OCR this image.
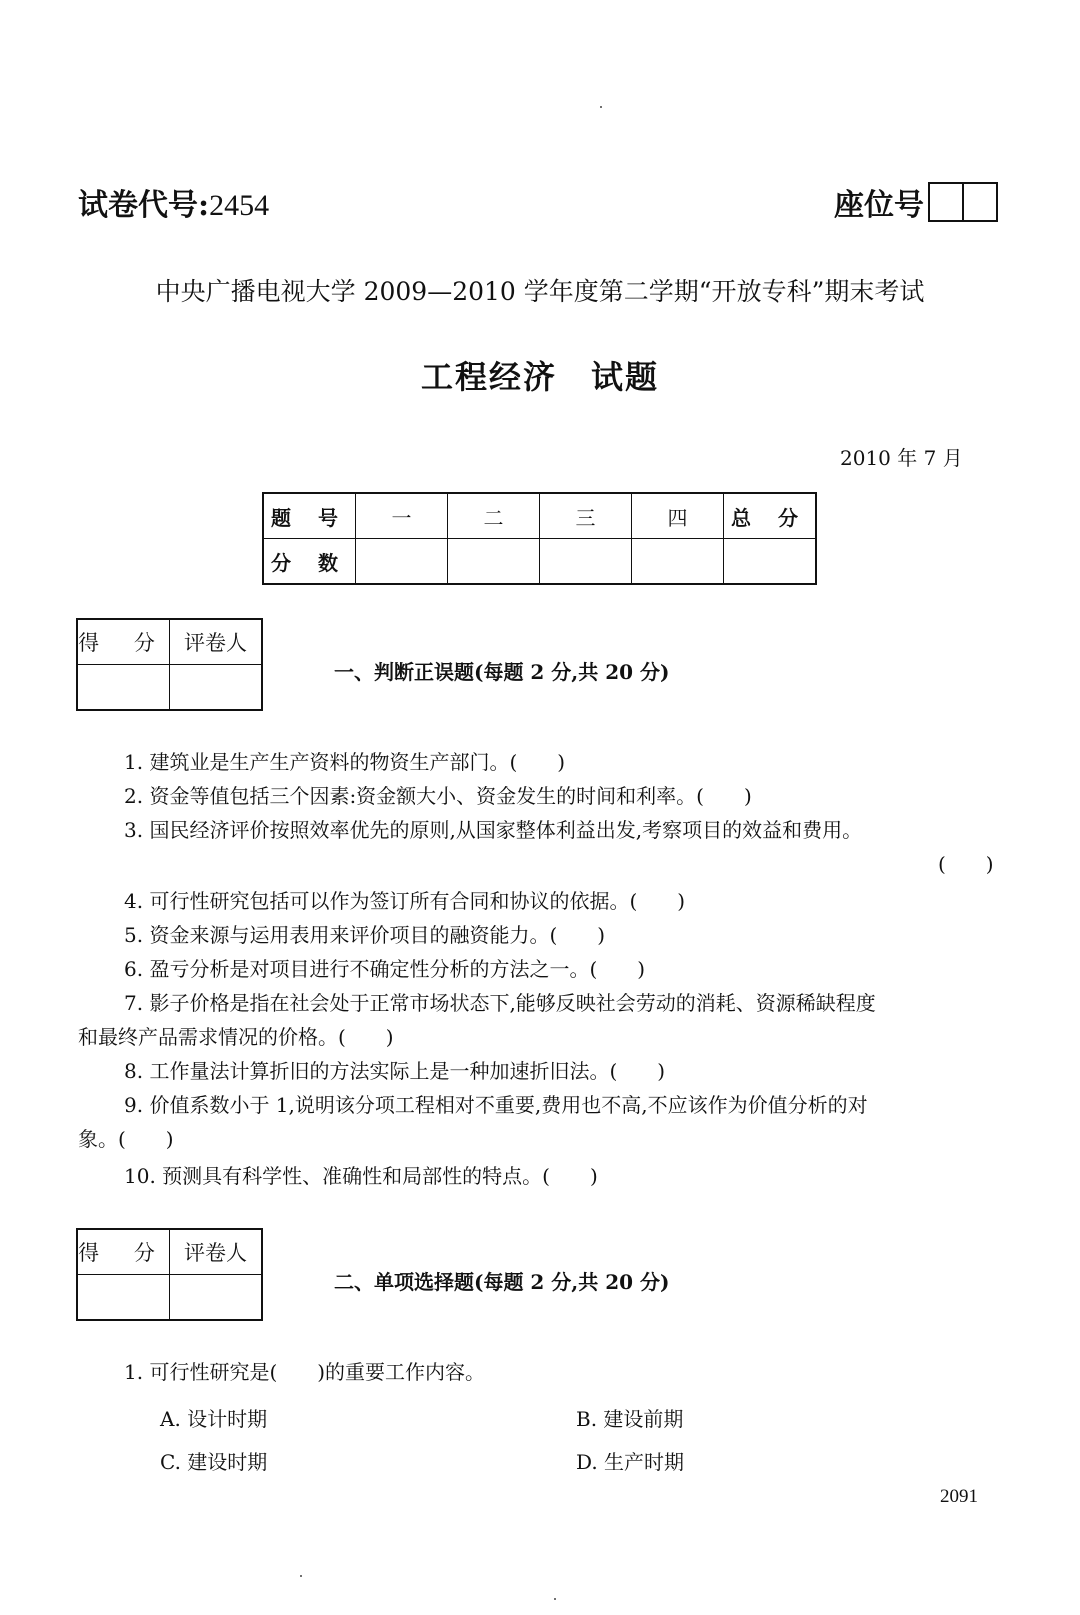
试卷代号:2454	座位号
中央广播电视大学 2009—2010 学年度第二学期“开放专科”期末考试
工程经济　试题
2010 年 7 月
题 号	一	二	三	四	总 分
分 数					
得 分	评卷人

一、判断正误题(每题 2 分,共 20 分)
1. 建筑业是生产生产资料的物资生产部门。(　　)
2. 资金等值包括三个因素:资金额大小、资金发生的时间和利率。(　　)
3. 国民经济评价按照效率优先的原则,从国家整体利益出发,考察项目的效益和费用。
(　　)
4. 可行性研究包括可以作为签订所有合同和协议的依据。(　　)
5. 资金来源与运用表用来评价项目的融资能力。(　　)
6. 盈亏分析是对项目进行不确定性分析的方法之一。(　　)
7. 影子价格是指在社会处于正常市场状态下,能够反映社会劳动的消耗、资源稀缺程度
和最终产品需求情况的价格。(　　)
8. 工作量法计算折旧的方法实际上是一种加速折旧法。(　　)
9. 价值系数小于 1,说明该分项工程相对不重要,费用也不高,不应该作为价值分析的对
象。(　　)
10. 预测具有科学性、准确性和局部性的特点。(　　)
得 分	评卷人

二、单项选择题(每题 2 分,共 20 分)
1. 可行性研究是(　　)的重要工作内容。
A. 设计时期	B. 建设前期
C. 建设时期	D. 生产时期
2091
